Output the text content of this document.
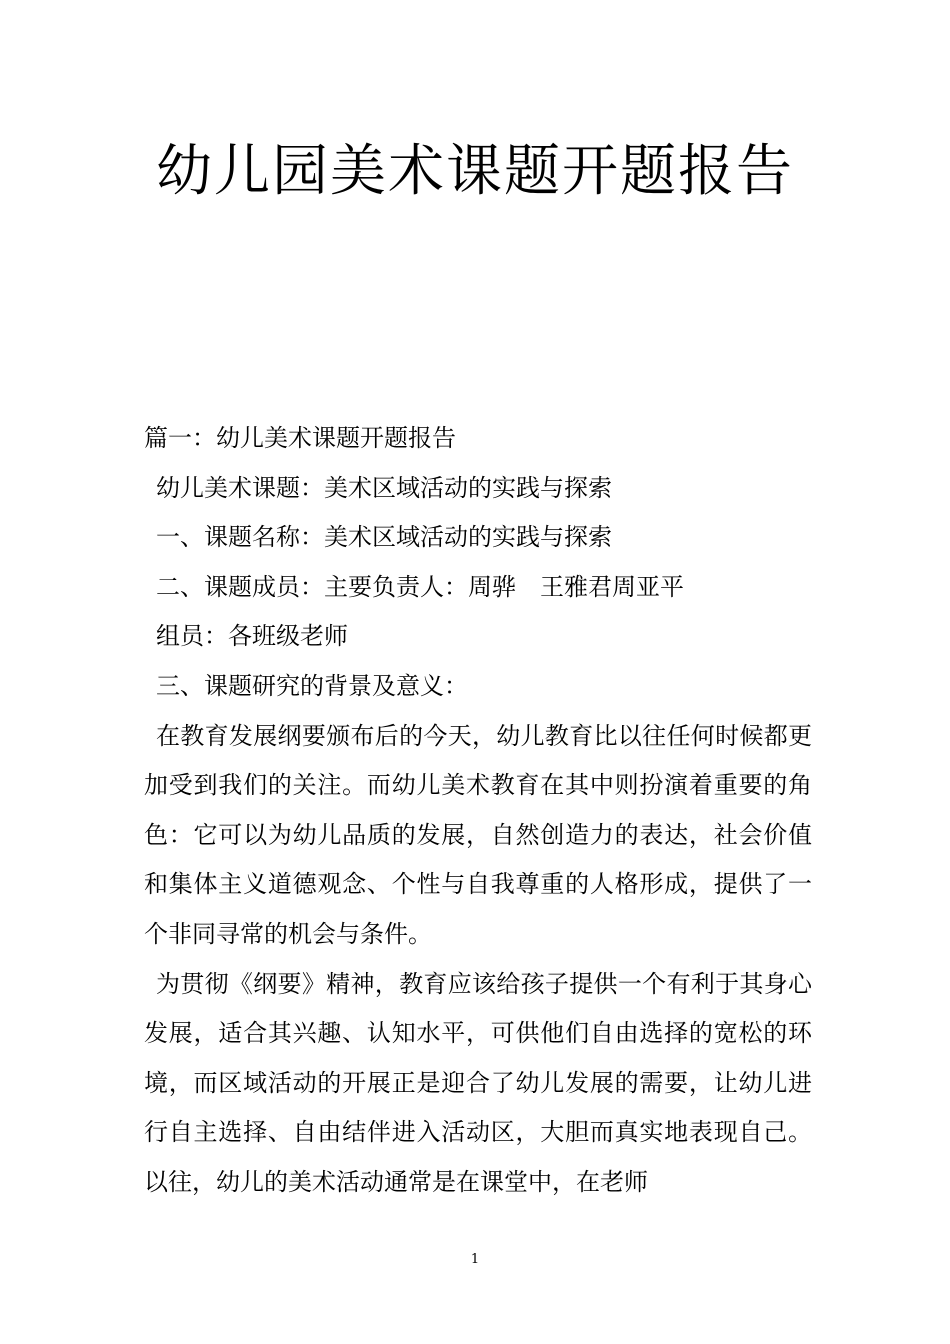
幼儿园美术课题开题报告
篇一：幼儿美术课题开题报告
幼儿美术课题：美术区域活动的实践与探索
一、课题名称：美术区域活动的实践与探索
二、课题成员：主要负责人：周骅　王雅君周亚平
组员：各班级老师
三、课题研究的背景及意义：

在教育发展纲要颁布后的今天，幼儿教育比以往任何时候都更加受到我们的关注。而幼儿美术教育在其中则扮演着重要的角色：它可以为幼儿品质的发展，自然创造力的表达，社会价值和集体主义道德观念、个性与自我尊重的人格形成，提供了一个非同寻常的机会与条件。

为贯彻《纲要》精神，教育应该给孩子提供一个有利于其身心发展，适合其兴趣、认知水平，可供他们自由选择的宽松的环境，而区域活动的开展正是迎合了幼儿发展的需要，让幼儿进行自主选择、自由结伴进入活动区，大胆而真实地表现自己。以往，幼儿的美术活动通常是在课堂中，在老师

1
